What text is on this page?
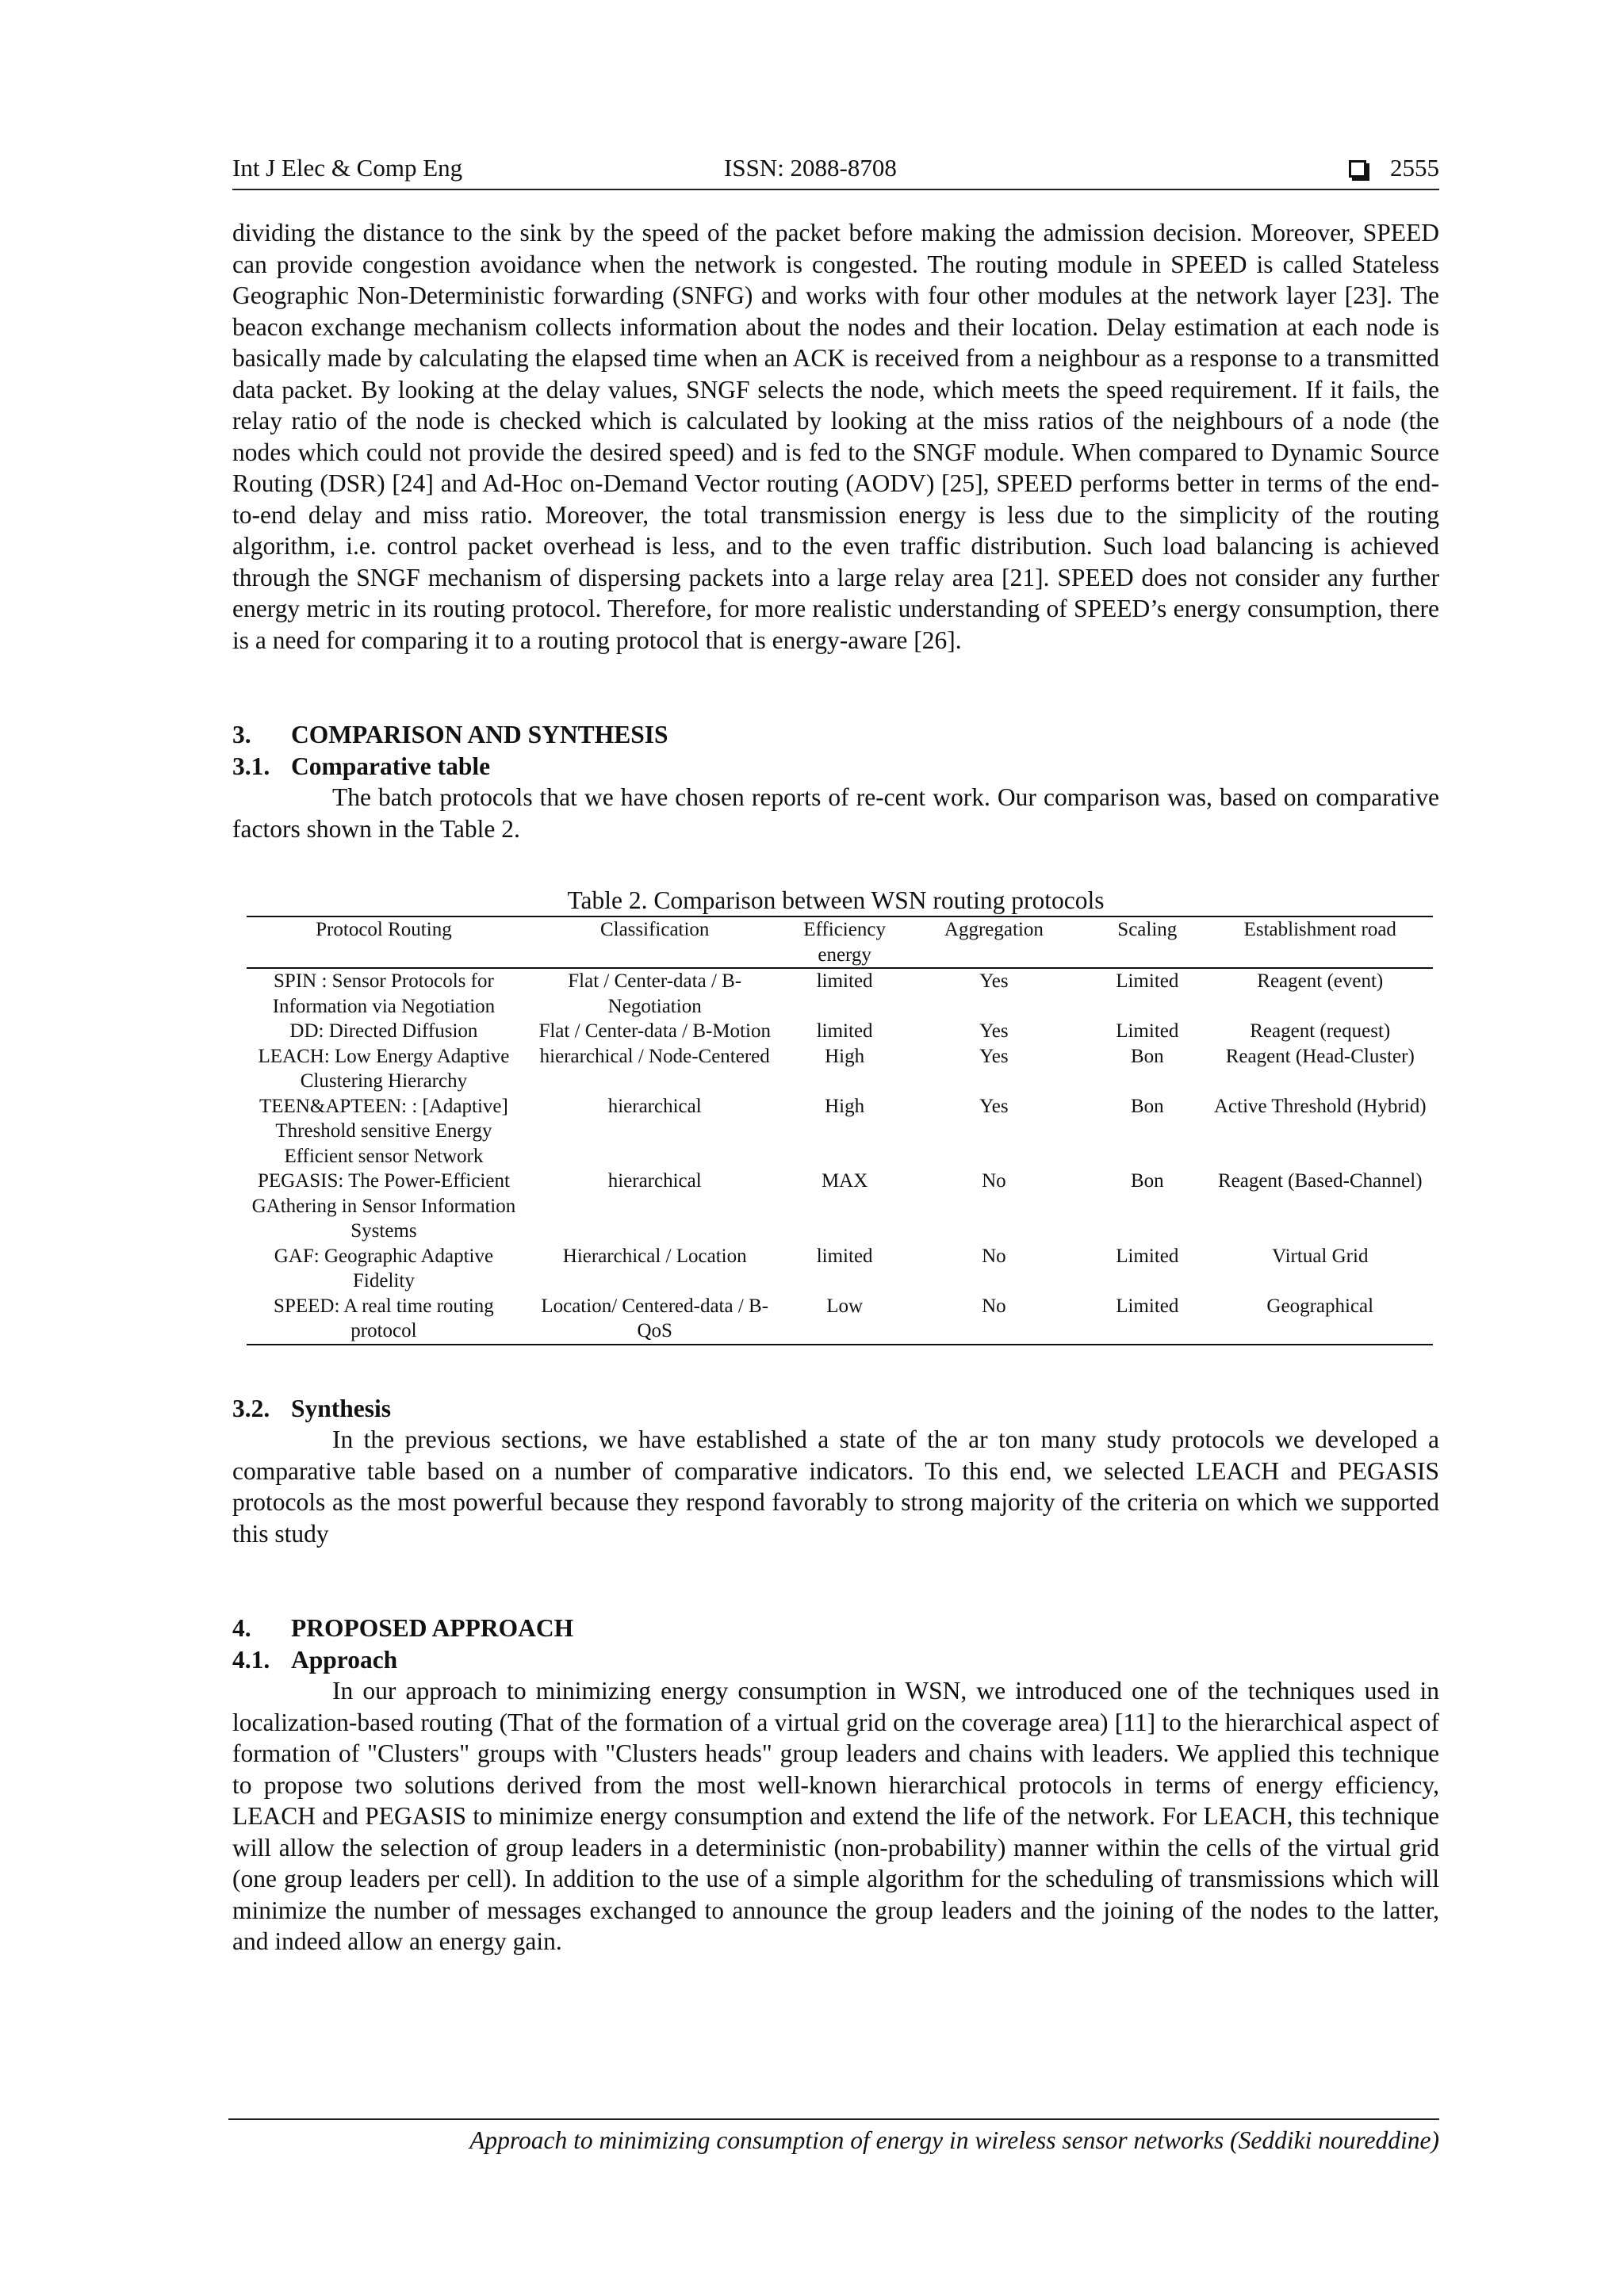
Int J Elec & Comp Eng	ISSN: 2088-8708	2555

dividing the distance to the sink by the speed of the packet before making the admission decision. Moreover, SPEED can provide congestion avoidance when the network is congested. The routing module in SPEED is called Stateless Geographic Non-Deterministic forwarding (SNFG) and works with four other modules at the network layer [23]. The beacon exchange mechanism collects information about the nodes and their location. Delay estimation at each node is basically made by calculating the elapsed time when an ACK is received from a neighbour as a response to a transmitted data packet. By looking at the delay values, SNGF selects the node, which meets the speed requirement. If it fails, the relay ratio of the node is checked which is calculated by looking at the miss ratios of the neighbours of a node (the nodes which could not provide the desired speed) and is fed to the SNGF module. When compared to Dynamic Source Routing (DSR) [24] and Ad-Hoc on-Demand Vector routing (AODV) [25], SPEED performs better in terms of the end-to-end delay and miss ratio. Moreover, the total transmission energy is less due to the simplicity of the routing algorithm, i.e. control packet overhead is less, and to the even traffic distribution. Such load balancing is achieved through the SNGF mechanism of dispersing packets into a large relay area [21]. SPEED does not consider any further energy metric in its routing protocol. Therefore, for more realistic understanding of SPEED’s energy consumption, there is a need for comparing it to a routing protocol that is energy-aware [26].

3. COMPARISON AND SYNTHESIS

3.1. Comparative table

The batch protocols that we have chosen reports of re-cent work. Our comparison was, based on comparative factors shown in the Table 2.

Table 2. Comparison between WSN routing protocols
Protocol Routing	Classification	Efficiency energy	Aggregation	Scaling	Establishment road
SPIN : Sensor Protocols for Information via Negotiation	Flat / Center-data / B-Negotiation	limited	Yes	Limited	Reagent (event)
DD: Directed Diffusion	Flat / Center-data / B-Motion	limited	Yes	Limited	Reagent (request)
LEACH: Low Energy Adaptive Clustering Hierarchy	hierarchical / Node-Centered	High	Yes	Bon	Reagent (Head-Cluster)
TEEN&APTEEN: : [Adaptive] Threshold sensitive Energy Efficient sensor Network	hierarchical	High	Yes	Bon	Active Threshold (Hybrid)
PEGASIS: The Power-Efficient GAthering in Sensor Information Systems	hierarchical	MAX	No	Bon	Reagent (Based-Channel)
GAF: Geographic Adaptive Fidelity	Hierarchical / Location	limited	No	Limited	Virtual Grid
SPEED: A real time routing protocol	Location/ Centered-data / B-QoS	Low	No	Limited	Geographical

3.2. Synthesis

In the previous sections, we have established a state of the ar ton many study protocols we developed a comparative table based on a number of comparative indicators. To this end, we selected LEACH and PEGASIS protocols as the most powerful because they respond favorably to strong majority of the criteria on which we supported this study

4. PROPOSED APPROACH

4.1. Approach

In our approach to minimizing energy consumption in WSN, we introduced one of the techniques used in localization-based routing (That of the formation of a virtual grid on the coverage area) [11] to the hierarchical aspect of formation of "Clusters" groups with "Clusters heads" group leaders and chains with leaders. We applied this technique to propose two solutions derived from the most well-known hierarchical protocols in terms of energy efficiency, LEACH and PEGASIS to minimize energy consumption and extend the life of the network. For LEACH, this technique will allow the selection of group leaders in a deterministic (non-probability) manner within the cells of the virtual grid (one group leaders per cell). In addition to the use of a simple algorithm for the scheduling of transmissions which will minimize the number of messages exchanged to announce the group leaders and the joining of the nodes to the latter, and indeed allow an energy gain.

Approach to minimizing consumption of energy in wireless sensor networks (Seddiki noureddine)
